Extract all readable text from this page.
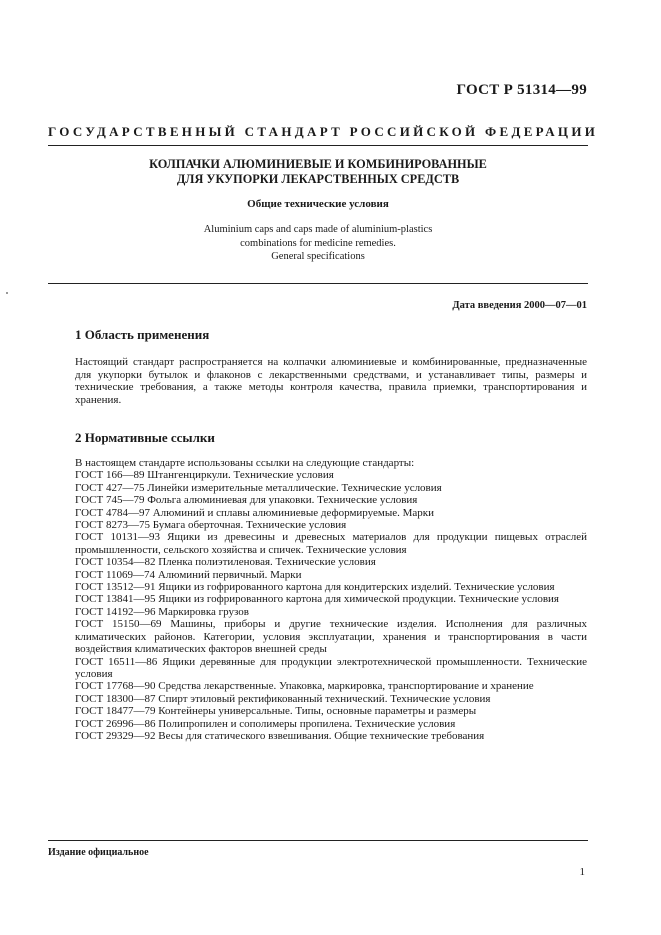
ГОСТ Р 51314—99
ГОСУДАРСТВЕННЫЙ СТАНДАРТ РОССИЙСКОЙ ФЕДЕРАЦИИ
КОЛПАЧКИ АЛЮМИНИЕВЫЕ И КОМБИНИРОВАННЫЕ
ДЛЯ УКУПОРКИ ЛЕКАРСТВЕННЫХ СРЕДСТВ
Общие технические условия
Aluminium caps and caps made of aluminium-plastics
combinations for medicine remedies.
General specifications
Дата введения 2000—07—01
1 Область применения
Настоящий стандарт распространяется на колпачки алюминиевые и комбинированные, предназначенные для укупорки бутылок и флаконов с лекарственными средствами, и устанавливает типы, размеры и технические требования, а также методы контроля качества, правила приемки, транспортирования и хранения.
2 Нормативные ссылки

В настоящем стандарте использованы ссылки на следующие стандарты:

ГОСТ 166—89 Штангенциркули. Технические условия

ГОСТ 427—75 Линейки измерительные металлические. Технические условия

ГОСТ 745—79 Фольга алюминиевая для упаковки. Технические условия

ГОСТ 4784—97 Алюминий и сплавы алюминиевые деформируемые. Марки

ГОСТ 8273—75 Бумага оберточная. Технические условия

ГОСТ 10131—93 Ящики из древесины и древесных материалов для продукции пищевых отраслей промышленности, сельского хозяйства и спичек. Технические условия

ГОСТ 10354—82 Пленка полиэтиленовая. Технические условия

ГОСТ 11069—74 Алюминий первичный. Марки

ГОСТ 13512—91 Ящики из гофрированного картона для кондитерских изделий. Технические условия

ГОСТ 13841—95 Ящики из гофрированного картона для химической продукции. Технические условия

ГОСТ 14192—96 Маркировка грузов

ГОСТ 15150—69 Машины, приборы и другие технические изделия. Исполнения для различных климатических районов. Категории, условия эксплуатации, хранения и транспортирования в части воздействия климатических факторов внешней среды

ГОСТ 16511—86 Ящики деревянные для продукции электротехнической промышленности. Технические условия

ГОСТ 17768—90 Средства лекарственные. Упаковка, маркировка, транспортирование и хранение

ГОСТ 18300—87 Спирт этиловый ректификованный технический. Технические условия

ГОСТ 18477—79 Контейнеры универсальные. Типы, основные параметры и размеры

ГОСТ 26996—86 Полипропилен и сополимеры пропилена. Технические условия

ГОСТ 29329—92 Весы для статического взвешивания. Общие технические требования

Издание официальное
1
